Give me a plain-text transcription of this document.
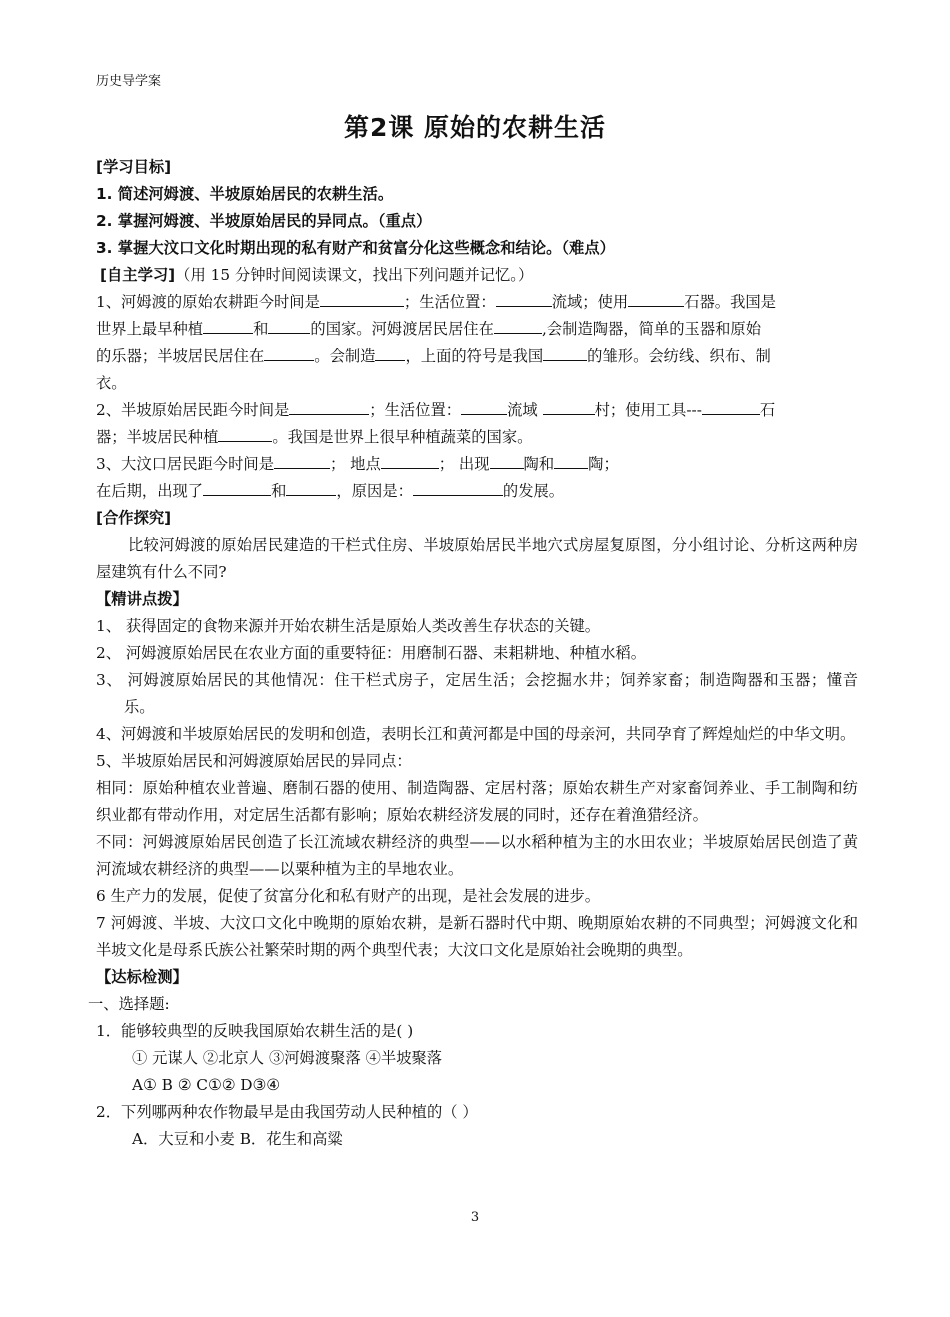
历史导学案
第2课 原始的农耕生活
[学习目标]
1. 简述河姆渡、半坡原始居民的农耕生活。
2. 掌握河姆渡、半坡原始居民的异同点。（重点）
3. 掌握大汶口文化时期出现的私有财产和贫富分化这些概念和结论。（难点）
[自主学习]（用 15 分钟时间阅读课文，找出下列问题并记忆。）
1、河姆渡的原始农耕距今时间是	；生活位置：	流域；使用	石器。我国是
世界上最早种植	和	的国家。河姆渡居民居住在	,会制造陶器，简单的玉器和原始
的乐器；半坡居民居住在	。会制造 ，上面的符号是我国	的雏形。会纺线、织布、制
衣。
2、半坡原始居民距今时间是	；生活位置：	流域	村；使用工具---	石
器；半坡居民种植	。我国是世界上很早种植蔬菜的国家。
3、大汶口居民距今时间是	； 地点	； 出现 陶和 陶；
在后期，出现了	和	，原因是：	的发展。
[合作探究]
比较河姆渡的原始居民建造的干栏式住房、半坡原始居民半地穴式房屋复原图，分小组讨论、分析这两种房屋建筑有什么不同?
【精讲点拨】
1、 获得固定的食物来源并开始农耕生活是原始人类改善生存状态的关键。
2、 河姆渡原始居民在农业方面的重要特征：用磨制石器、耒耜耕地、种植水稻。
3、 河姆渡原始居民的其他情况：住干栏式房子，定居生活；会挖掘水井；饲养家畜；制造陶器和玉器；懂音乐。
4、河姆渡和半坡原始居民的发明和创造，表明长江和黄河都是中国的母亲河，共同孕育了辉煌灿烂的中华文明。
5、半坡原始居民和河姆渡原始居民的异同点：
相同：原始种植农业普遍、磨制石器的使用、制造陶器、定居村落；原始农耕生产对家畜饲养业、手工制陶和纺织业都有带动作用，对定居生活都有影响；原始农耕经济发展的同时，还存在着渔猎经济。
不同：河姆渡原始居民创造了长江流域农耕经济的典型——以水稻种植为主的水田农业；半坡原始居民创造了黄河流域农耕经济的典型——以粟种植为主的旱地农业。
6 生产力的发展，促使了贫富分化和私有财产的出现，是社会发展的进步。
7 河姆渡、半坡、大汶口文化中晚期的原始农耕，是新石器时代中期、晚期原始农耕的不同典型；河姆渡文化和半坡文化是母系氏族公社繁荣时期的两个典型代表；大汶口文化是原始社会晚期的典型。
【达标检测】
一、选择题:
1．能够较典型的反映我国原始农耕生活的是( )
① 元谋人 ②北京人 ③河姆渡聚落 ④半坡聚落
A① B ② C①② D③④
2．下列哪两种农作物最早是由我国劳动人民种植的（ ）
A．大豆和小麦 B．花生和高粱
3
